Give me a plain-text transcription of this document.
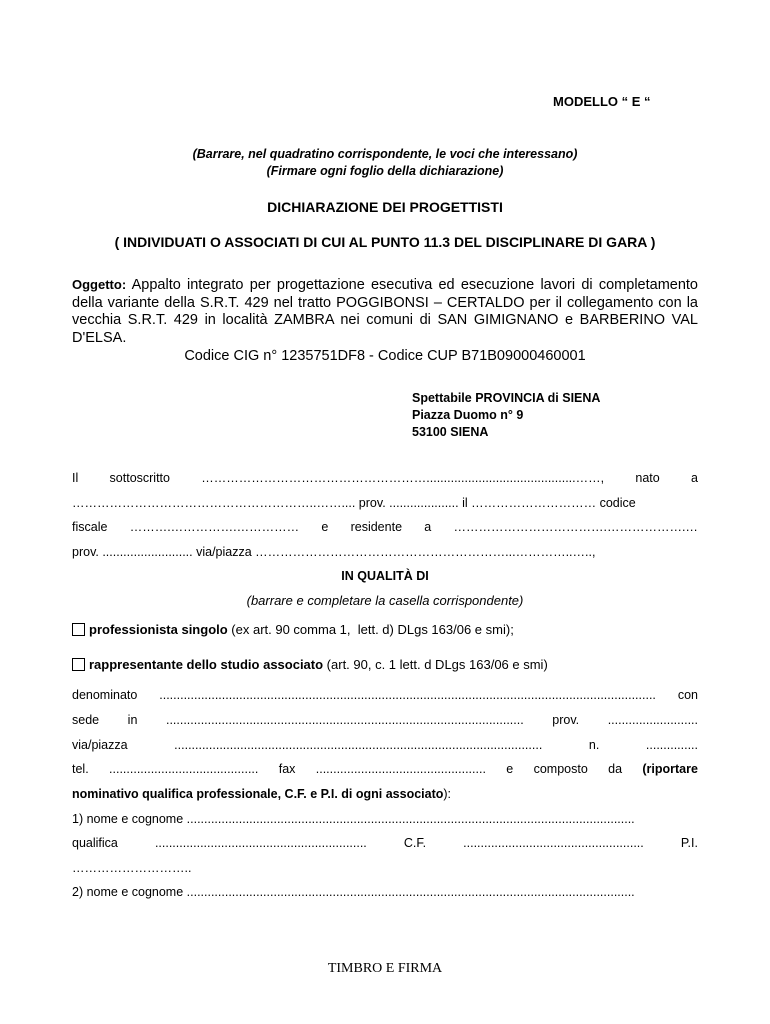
MODELLO “ E “
(Barrare, nel quadratino corrispondente, le voci che interessano)
(Firmare ogni foglio della dichiarazione)
DICHIARAZIONE DEI PROGETTISTI
( INDIVIDUATI O ASSOCIATI DI CUI AL PUNTO 11.3 DEL DISCIPLINARE DI GARA )
Oggetto: Appalto integrato per progettazione esecutiva ed esecuzione lavori di completamento della variante della S.R.T. 429 nel tratto POGGIBONSI – CERTALDO per il collegamento con la vecchia S.R.T. 429 in località ZAMBRA nei comuni di SAN GIMIGNANO e BARBERINO VAL D'ELSA.
Codice CIG n° 1235751DF8 - Codice CUP B71B09000460001
Spettabile PROVINCIA di SIENA
Piazza Duomo n° 9
53100 SIENA
Il	sottoscritto	………………………………………………...........................................……,	nato	a
…………………………………………………..…….... prov. .................... il ………………………… codice
fiscale ……….…………….…………… e residente a ……………………………….……………….…
prov. .......................... via/piazza ……………………………………………………...…………..…..,
IN QUALITÀ DI
(barrare e completare la casella corrispondente)
professionista singolo (ex art. 90 comma 1,  lett. d) DLgs 163/06 e smi);
rappresentante dello studio associato (art. 90, c. 1 lett. d DLgs 163/06 e smi)
denominato ............................................................................................................................................... con
sede in ....................................................................................................... prov. ..........................
via/piazza	..........................................................................................................	n.	...............
tel. ........................................... fax ................................................. e composto da (riportare
nominativo qualifica professionale, C.F. e P.I. di ogni associato):
1) nome e cognome .................................................................................................................................
qualifica	.............................................................	C.F.	....................................................	P.I.
………………………..
2) nome e cognome .................................................................................................................................
TIMBRO E FIRMA
